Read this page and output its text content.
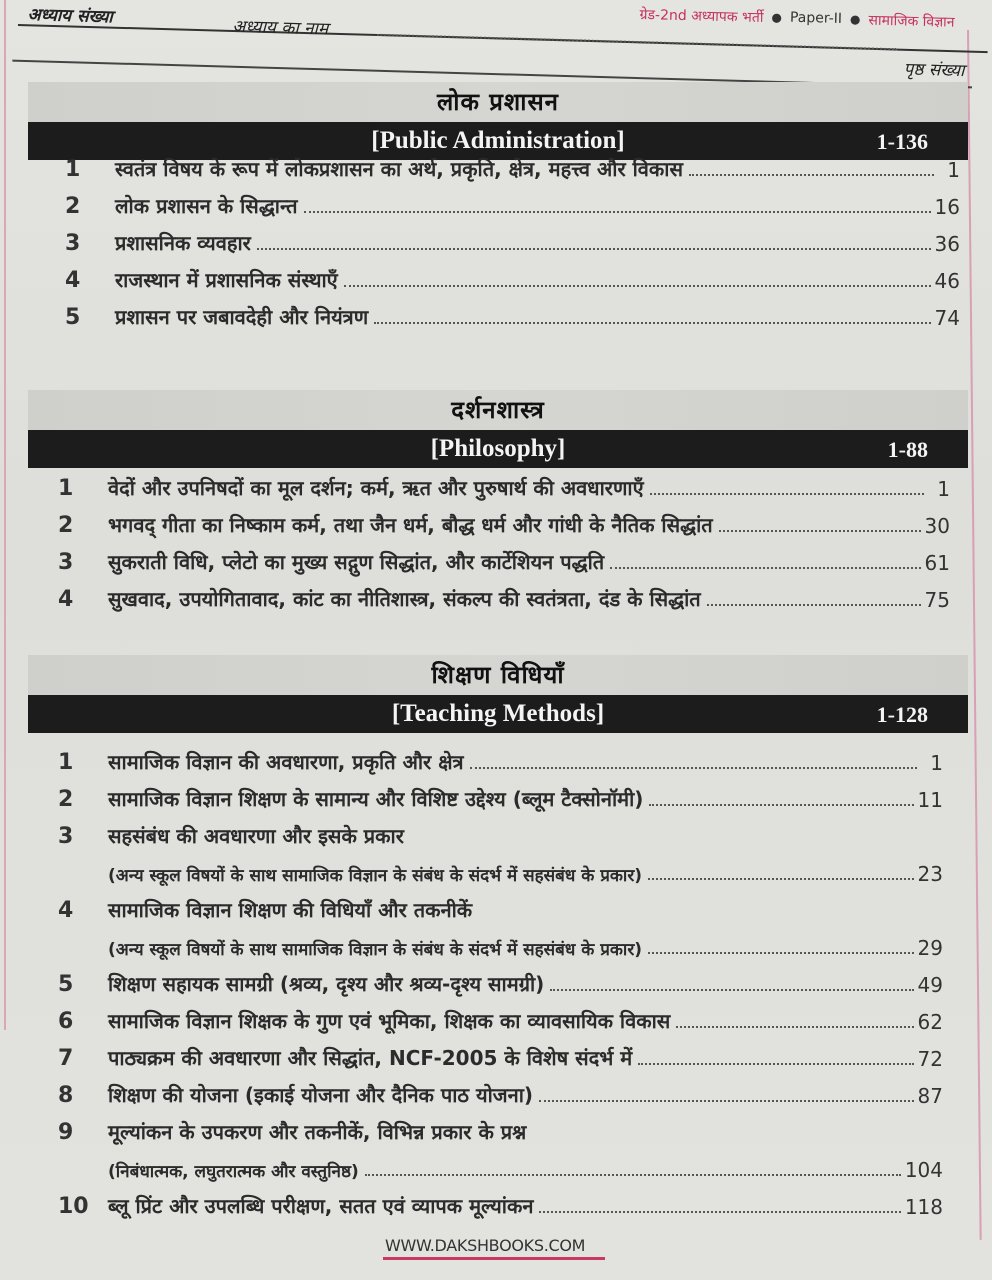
ग्रेड-2nd अध्यापक भर्ती ● Paper-II ● सामाजिक विज्ञान
अध्याय संख्या
अध्याय का नाम
पृष्ठ संख्या
लोक प्रशासन
[Public Administration]	1-136
1	स्वतंत्र विषय के रूप में लोकप्रशासन का अर्थ, प्रकृति, क्षेत्र, महत्त्व और विकास	1
2	लोक प्रशासन के सिद्धान्त	16
3	प्रशासनिक व्यवहार	36
4	राजस्थान में प्रशासनिक संस्थाएँ	46
5	प्रशासन पर जबावदेही और नियंत्रण	74
दर्शनशास्त्र
[Philosophy]	1-88
1	वेदों और उपनिषदों का मूल दर्शन; कर्म, ऋत और पुरुषार्थ की अवधारणाएँ	1
2	भगवद् गीता का निष्काम कर्म, तथा जैन धर्म, बौद्ध धर्म और गांधी के नैतिक सिद्धांत	30
3	सुकराती विधि, प्लेटो का मुख्य सद्गुण सिद्धांत, और कार्टेशियन पद्धति	61
4	सुखवाद, उपयोगितावाद, कांट का नीतिशास्त्र, संकल्प की स्वतंत्रता, दंड के सिद्धांत	75
शिक्षण विधियाँ
[Teaching Methods]	1-128
1	सामाजिक विज्ञान की अवधारणा, प्रकृति और क्षेत्र	1
2	सामाजिक विज्ञान शिक्षण के सामान्य और विशिष्ट उद्देश्य (ब्लूम टैक्सोनॉमी)	11
3	सहसंबंध की अवधारणा और इसके प्रकार
(अन्य स्कूल विषयों के साथ सामाजिक विज्ञान के संबंध के संदर्भ में सहसंबंध के प्रकार)	23
4	सामाजिक विज्ञान शिक्षण की विधियाँ और तकनीकें
(अन्य स्कूल विषयों के साथ सामाजिक विज्ञान के संबंध के संदर्भ में सहसंबंध के प्रकार)	29
5	शिक्षण सहायक सामग्री (श्रव्य, दृश्य और श्रव्य-दृश्य सामग्री)	49
6	सामाजिक विज्ञान शिक्षक के गुण एवं भूमिका, शिक्षक का व्यावसायिक विकास	62
7	पाठ्यक्रम की अवधारणा और सिद्धांत, NCF-2005 के विशेष संदर्भ में	72
8	शिक्षण की योजना (इकाई योजना और दैनिक पाठ योजना)	87
9	मूल्यांकन के उपकरण और तकनीकें, विभिन्न प्रकार के प्रश्न
(निबंधात्मक, लघुतरात्मक और वस्तुनिष्ठ)	104
10 ब्लू प्रिंट और उपलब्धि परीक्षण, सतत एवं व्यापक मूल्यांकन	118
WWW.DAKSHBOOKS.COM
